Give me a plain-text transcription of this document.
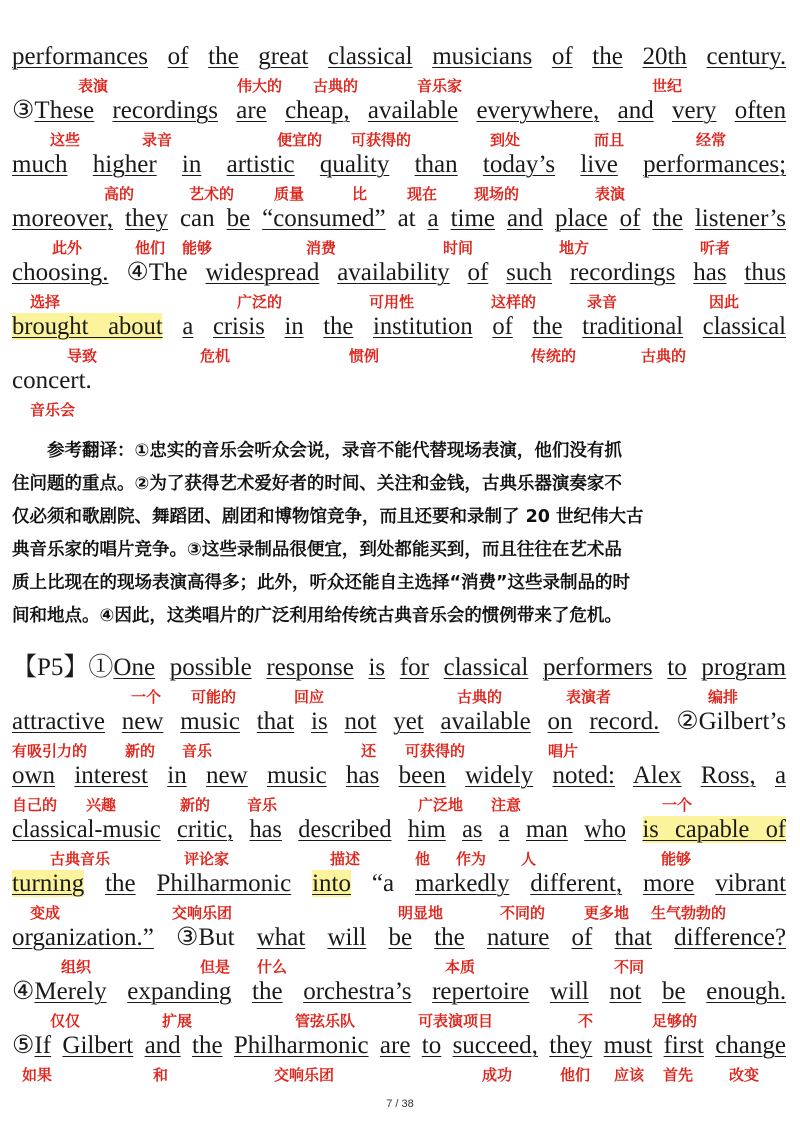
performances of the great classical musicians of the 20th century.
表演	伟大的 古典的	音乐家	世纪
③These recordings are cheap, available everywhere, and very often
这些	录音	便宜的 可获得的	到处	而且	经常
much higher in artistic quality than today’s live performances;
高的	艺术的	质量	比	现在 现场的	表演
moreover, they can be “consumed” at a time and place of the listener’s
此外	他们 能够	消费	时间	地方	听者
choosing. ④The widespread availability of such recordings has thus
选择	广泛的	可用性	这样的	录音	因此
brought about a crisis in the institution of the traditional classical
导致	危机	惯例	传统的	古典的
concert.
音乐会
【P5】①One possible response is for classical performers to program
一个 可能的	回应	古典的	表演者	编排
attractive new music that is not yet available on record. ②Gilbert’s
有吸引力的	新的 音乐	还 可获得的	唱片
own interest in new music has been widely noted: Alex Ross, a
自己的 兴趣	新的 音乐	广泛地 注意	一个
classical-music critic, has described him as a man who is capable of
古典音乐	评论家	描述	他 作为 人	能够
turning the Philharmonic into “a markedly different, more vibrant
变成	交响乐团	明显地	不同的	更多地 生气勃勃的
organization.” ③But what will be the nature of that difference?
组织	但是 什么	本质	不同
④Merely expanding the orchestra’s repertoire will not be enough.
仅仅	扩展	管弦乐队	可表演项目	不	足够的
⑤If Gilbert and the Philharmonic are to succeed, they must first change
如果	和	交响乐团	成功	他们 应该 首先 改变
　　参考翻译：①忠实的音乐会听众会说，录音不能代替现场表演，他们没有抓
住问题的重点。②为了获得艺术爱好者的时间、关注和金钱，古典乐器演奏家不
仅必须和歌剧院、舞蹈团、剧团和博物馆竞争，而且还要和录制了 20 世纪伟大古
典音乐家的唱片竞争。③这些录制品很便宜，到处都能买到，而且往往在艺术品
质上比现在的现场表演高得多；此外，听众还能自主选择“消费”这些录制品的时
间和地点。④因此，这类唱片的广泛利用给传统古典音乐会的惯例带来了危机。
7 / 38
